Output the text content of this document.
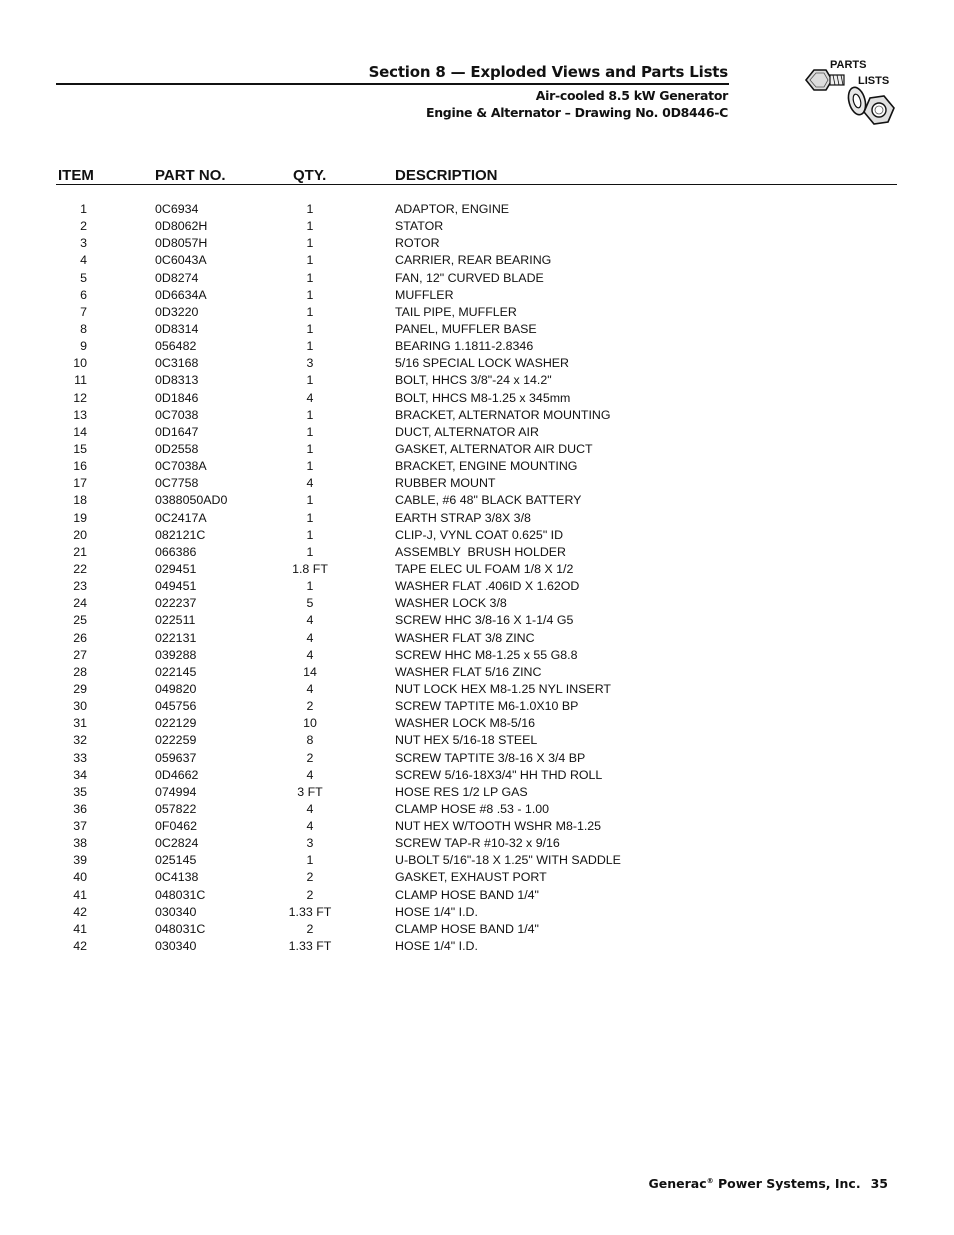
Section 8 — Exploded Views and Parts Lists
Air-cooled 8.5 kW Generator
Engine & Alternator – Drawing No. 0D8446-C
PARTS
LISTS
ITEM	PART NO.	QTY.	DESCRIPTION
1	0C6934	1	ADAPTOR, ENGINE
2	0D8062H	1	STATOR
3	0D8057H	1	ROTOR
4	0C6043A	1	CARRIER, REAR BEARING
5	0D8274	1	FAN, 12" CURVED BLADE
6	0D6634A	1	MUFFLER
7	0D3220	1	TAIL PIPE, MUFFLER
8	0D8314	1	PANEL, MUFFLER BASE
9	056482	1	BEARING 1.1811-2.8346
10	0C3168	3	5/16 SPECIAL LOCK WASHER
11	0D8313	1	BOLT, HHCS 3/8"-24 x 14.2"
12	0D1846	4	BOLT, HHCS M8-1.25 x 345mm
13	0C7038	1	BRACKET, ALTERNATOR MOUNTING
14	0D1647	1	DUCT, ALTERNATOR AIR
15	0D2558	1	GASKET, ALTERNATOR AIR DUCT
16	0C7038A	1	BRACKET, ENGINE MOUNTING
17	0C7758	4	RUBBER MOUNT
18	0388050AD0	1	CABLE, #6 48" BLACK BATTERY
19	0C2417A	1	EARTH STRAP 3/8X 3/8
20	082121C	1	CLIP-J, VYNL COAT 0.625" ID
21	066386	1	ASSEMBLY  BRUSH HOLDER
22	029451	1.8 FT	TAPE ELEC UL FOAM 1/8 X 1/2
23	049451	1	WASHER FLAT .406ID X 1.62OD
24	022237	5	WASHER LOCK 3/8
25	022511	4	SCREW HHC 3/8-16 X 1-1/4 G5
26	022131	4	WASHER FLAT 3/8 ZINC
27	039288	4	SCREW HHC M8-1.25 x 55 G8.8
28	022145	14	WASHER FLAT 5/16 ZINC
29	049820	4	NUT LOCK HEX M8-1.25 NYL INSERT
30	045756	2	SCREW TAPTITE M6-1.0X10 BP
31	022129	10	WASHER LOCK M8-5/16
32	022259	8	NUT HEX 5/16-18 STEEL
33	059637	2	SCREW TAPTITE 3/8-16 X 3/4 BP
34	0D4662	4	SCREW 5/16-18X3/4" HH THD ROLL
35	074994	3 FT	HOSE RES 1/2 LP GAS
36	057822	4	CLAMP HOSE #8 .53 - 1.00
37	0F0462	4	NUT HEX W/TOOTH WSHR M8-1.25
38	0C2824	3	SCREW TAP-R #10-32 x 9/16
39	025145	1	U-BOLT 5/16"-18 X 1.25" WITH SADDLE
40	0C4138	2	GASKET, EXHAUST PORT
41	048031C	2	CLAMP HOSE BAND 1/4"
42	030340	1.33 FT	HOSE 1/4" I.D.
41	048031C	2	CLAMP HOSE BAND 1/4"
42	030340	1.33 FT	HOSE 1/4" I.D.
Generac® Power Systems, Inc. 35
